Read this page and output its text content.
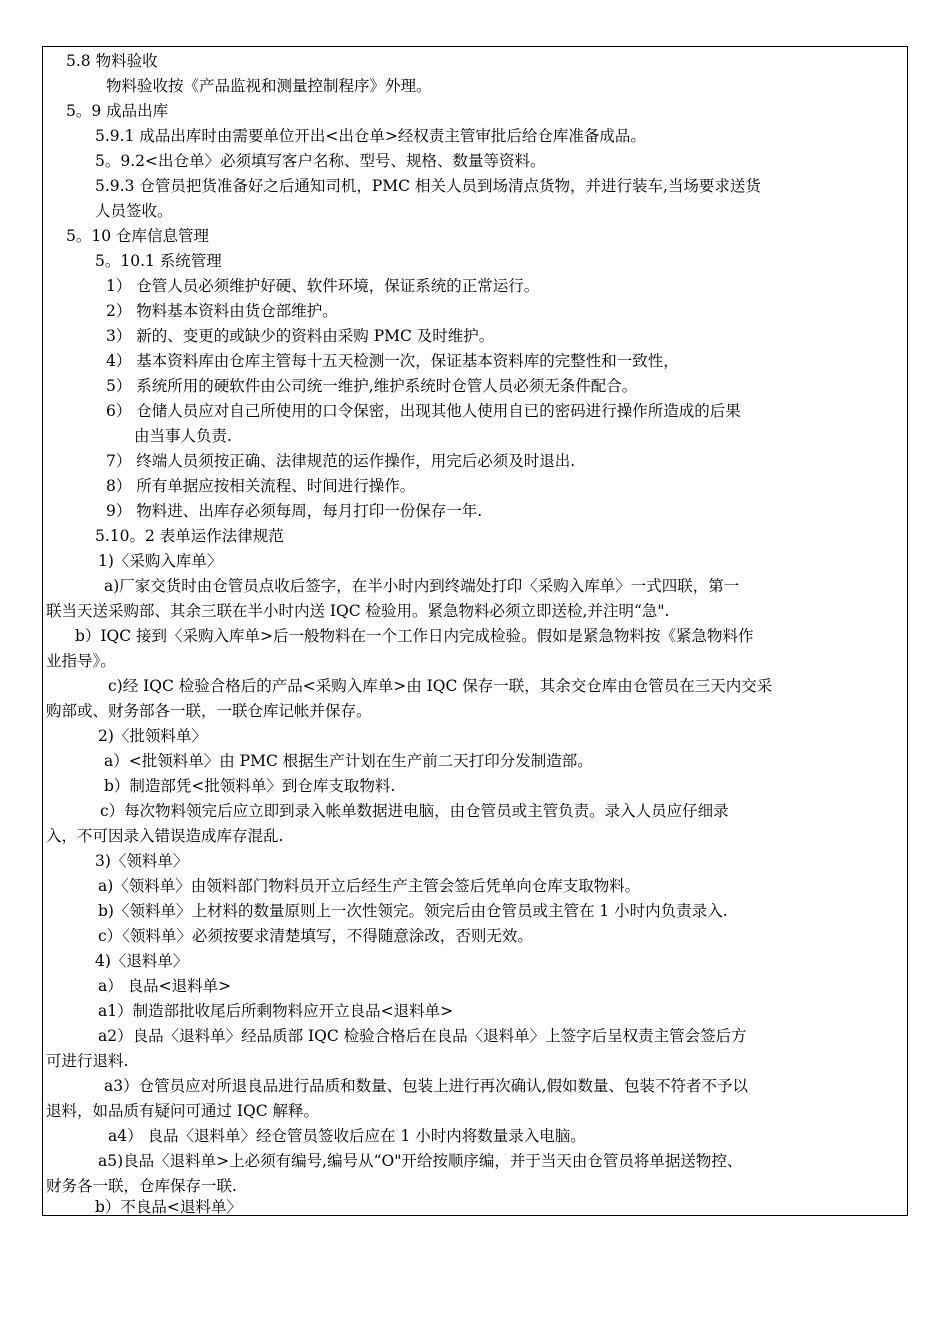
5.8 物料验收
物料验收按《产品监视和测量控制程序》外理。
5。9 成品出库
5.9.1 成品出库时由需要单位开出<出仓单>经权责主管审批后给仓库准备成品。
5。9.2<出仓单〉必须填写客户名称、型号、规格、数量等资料。
5.9.3 仓管员把货准备好之后通知司机，PMC 相关人员到场清点货物，并进行装车,当场要求送货
人员签收。
5。10 仓库信息管理
5。10.1 系统管理
1） 仓管人员必须维护好硬、软件环境，保证系统的正常运行。
2） 物料基本资料由货仓部维护。
3） 新的、变更的或缺少的资料由采购 PMC 及时维护。
4） 基本资料库由仓库主管每十五天检测一次，保证基本资料库的完整性和一致性，
5） 系统所用的硬软件由公司统一维护,维护系统时仓管人员必须无条件配合。
6） 仓储人员应对自己所使用的口令保密，出现其他人使用自已的密码进行操作所造成的后果
由当事人负责.
7） 终端人员须按正确、法律规范的运作操作，用完后必须及时退出.
8） 所有单据应按相关流程、时间进行操作。
9） 物料进、出库存必须每周，每月打印一份保存一年.
5.10。2 表单运作法律规范
1)〈采购入库单〉
a)厂家交货时由仓管员点收后签字，在半小时内到终端处打印〈采购入库单〉一式四联，第一
联当天送采购部、其余三联在半小时内送 IQC 检验用。紧急物料必须立即送检,并注明“急".
b）IQC 接到〈采购入库单>后一般物料在一个工作日内完成检验。假如是紧急物料按《紧急物料作
业指导》。
c)经 IQC 检验合格后的产品<采购入库单>由 IQC 保存一联，其余交仓库由仓管员在三天内交采
购部或、财务部各一联，一联仓库记帐并保存。
2)〈批领料单〉
a）<批领料单〉由 PMC 根据生产计划在生产前二天打印分发制造部。
b）制造部凭<批领料单〉到仓库支取物料.
c）每次物料领完后应立即到录入帐单数据进电脑，由仓管员或主管负责。录入人员应仔细录
入，不可因录入错误造成库存混乱.
3)〈领料单〉
a)〈领料单〉由领料部门物料员开立后经生产主管会签后凭单向仓库支取物料。
b)〈领料单〉上材料的数量原则上一次性领完。领完后由仓管员或主管在 1 小时内负责录入.
c）〈领料单〉必须按要求清楚填写，不得随意涂改，否则无效。
4)〈退料单〉
a） 良品<退料单>
a1）制造部批收尾后所剩物料应开立良品<退料单>
a2）良品〈退料单〉经品质部 IQC 检验合格后在良品〈退料单〉上签字后呈权责主管会签后方
可进行退料.
a3）仓管员应对所退良品进行品质和数量、包装上进行再次确认,假如数量、包装不符者不予以
退料，如品质有疑问可通过 IQC 解释。
a4） 良品〈退料单〉经仓管员签收后应在 1 小时内将数量录入电脑。
a5)良品〈退料单>上必须有编号,编号从“O"开给按顺序编，并于当天由仓管员将单据送物控、
财务各一联，仓库保存一联.
b）不良品<退料单〉
